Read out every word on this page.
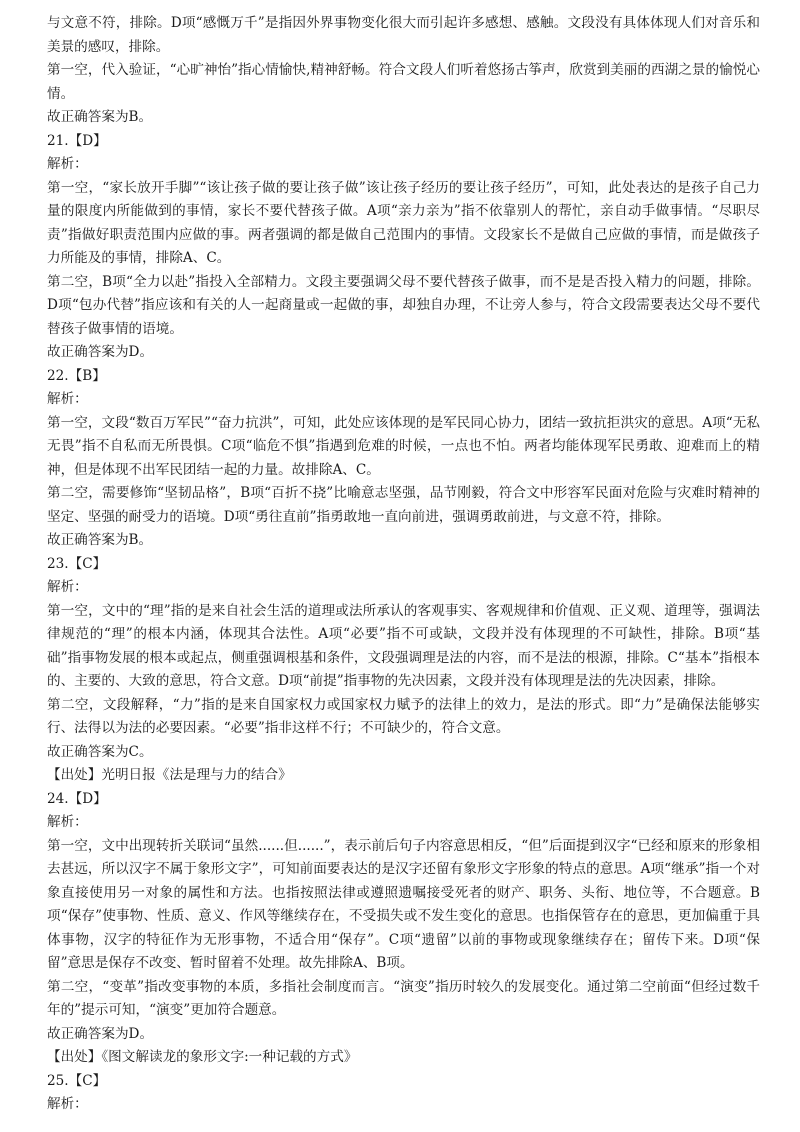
与文意不符，排除。D项“感慨万千”是指因外界事物变化很大而引起许多感想、感触。文段没有具体体现人们对音乐和美景的感叹，排除。
第一空，代入验证，“心旷神怡”指心情愉快,精神舒畅。符合文段人们听着悠扬古筝声，欣赏到美丽的西湖之景的愉悦心情。
故正确答案为B。
21.【D】
解析：
第一空，“家长放开手脚”“该让孩子做的要让孩子做”该让孩子经历的要让孩子经历”，可知，此处表达的是孩子自己力量的限度内所能做到的事情，家长不要代替孩子做。A项“亲力亲为”指不依靠别人的帮忙，亲自动手做事情。“尽职尽责”指做好职责范围内应做的事。两者强调的都是做自己范围内的事情。文段家长不是做自己应做的事情，而是做孩子力所能及的事情，排除A、C。
第二空，B项“全力以赴”指投入全部精力。文段主要强调父母不要代替孩子做事，而不是是否投入精力的问题，排除。D项“包办代替”指应该和有关的人一起商量或一起做的事，却独自办理，不让旁人参与，符合文段需要表达父母不要代替孩子做事情的语境。
故正确答案为D。
22.【B】
解析：
第一空，文段“数百万军民”“奋力抗洪”，可知，此处应该体现的是军民同心协力，团结一致抗拒洪灾的意思。A项“无私无畏”指不自私而无所畏惧。C项“临危不惧”指遇到危难的时候，一点也不怕。两者均能体现军民勇敢、迎难而上的精神，但是体现不出军民团结一起的力量。故排除A、C。
第二空，需要修饰“坚韧品格”，B项“百折不挠”比喻意志坚强，品节刚毅，符合文中形容军民面对危险与灾难时精神的坚定、坚强的耐受力的语境。D项“勇往直前”指勇敢地一直向前进，强调勇敢前进，与文意不符，排除。
故正确答案为B。
23.【C】
解析：
第一空，文中的“理”指的是来自社会生活的道理或法所承认的客观事实、客观规律和价值观、正义观、道理等，强调法律规范的“理”的根本内涵，体现其合法性。A项“必要”指不可或缺，文段并没有体现理的不可缺性，排除。B项“基础”指事物发展的根本或起点，侧重强调根基和条件，文段强调理是法的内容，而不是法的根源，排除。C“基本”指根本的、主要的、大致的意思，符合文意。D项“前提”指事物的先决因素，文段并没有体现理是法的先决因素，排除。
第二空，文段解释，“力”指的是来自国家权力或国家权力赋予的法律上的效力，是法的形式。即“力”是确保法能够实行、法得以为法的必要因素。“必要”指非这样不行；不可缺少的，符合文意。
故正确答案为C。
【出处】光明日报《法是理与力的结合》
24.【D】
解析：
第一空，文中出现转折关联词“虽然......但......”，表示前后句子内容意思相反，“但”后面提到汉字“已经和原来的形象相去甚远，所以汉字不属于象形文字”，可知前面要表达的是汉字还留有象形文字形象的特点的意思。A项“继承”指一个对象直接使用另一对象的属性和方法。也指按照法律或遵照遗嘱接受死者的财产、职务、头衔、地位等，不合题意。B项“保存”使事物、性质、意义、作风等继续存在，不受损失或不发生变化的意思。也指保管存在的意思，更加偏重于具体事物，汉字的特征作为无形事物，不适合用“保存”。C项“遗留”以前的事物或现象继续存在；留传下来。D项“保留”意思是保存不改变、暂时留着不处理。故先排除A、B项。
第二空，“变革”指改变事物的本质，多指社会制度而言。“演变”指历时较久的发展变化。通过第二空前面“但经过数千年的”提示可知，“演变”更加符合题意。
故正确答案为D。
【出处】《图文解读龙的象形文字:一种记载的方式》
25.【C】
解析：
